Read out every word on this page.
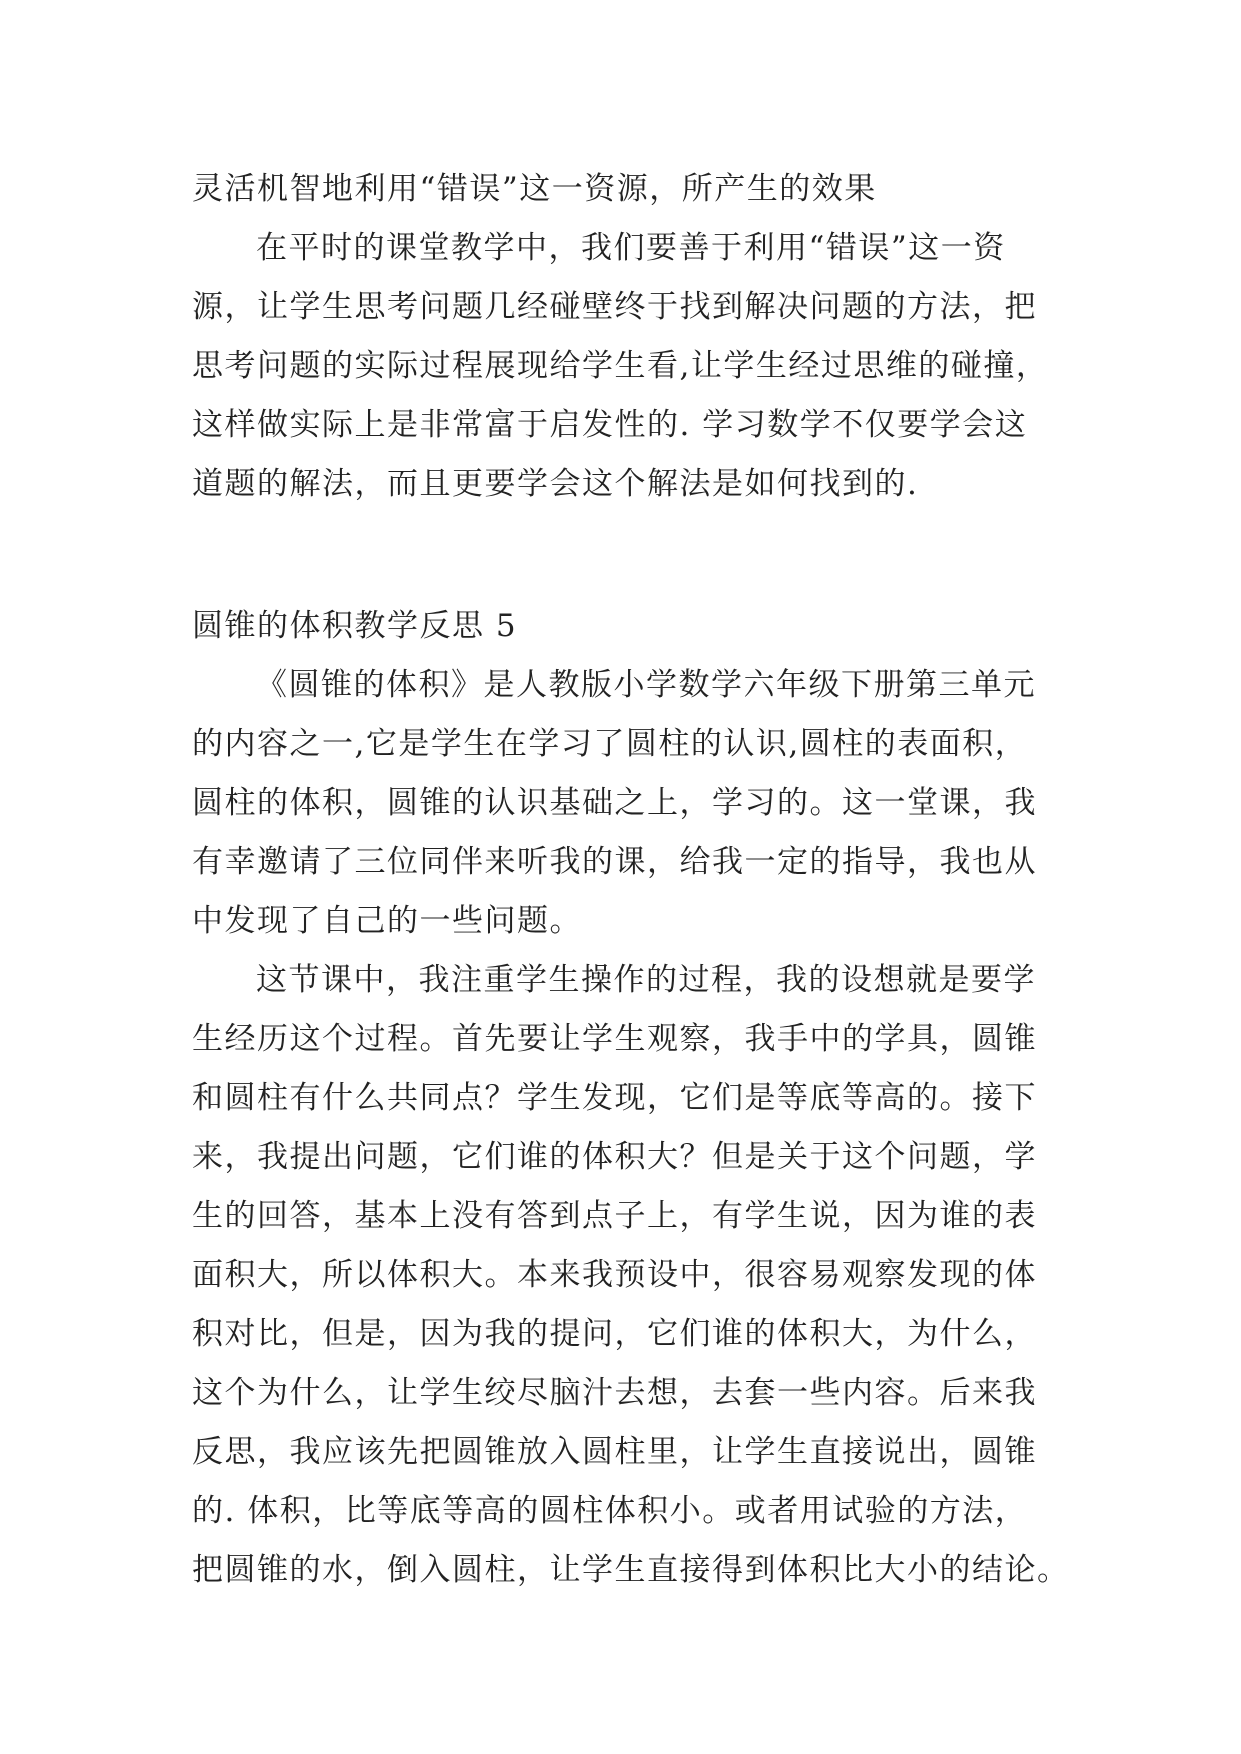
灵活机智地利用“错误”这一资源，所产生的效果
在平时的课堂教学中，我们要善于利用“错误”这一资
源，让学生思考问题几经碰壁终于找到解决问题的方法，把
思考问题的实际过程展现给学生看,让学生经过思维的碰撞，
这样做实际上是非常富于启发性的. 学习数学不仅要学会这
道题的解法，而且更要学会这个解法是如何找到的.
圆锥的体积教学反思 5
《圆锥的体积》是人教版小学数学六年级下册第三单元
的内容之一,它是学生在学习了圆柱的认识,圆柱的表面积，
圆柱的体积，圆锥的认识基础之上，学习的。这一堂课，我
有幸邀请了三位同伴来听我的课，给我一定的指导，我也从
中发现了自己的一些问题。
这节课中，我注重学生操作的过程，我的设想就是要学
生经历这个过程。首先要让学生观察，我手中的学具，圆锥
和圆柱有什么共同点？学生发现，它们是等底等高的。接下
来，我提出问题，它们谁的体积大？但是关于这个问题，学
生的回答，基本上没有答到点子上，有学生说，因为谁的表
面积大，所以体积大。本来我预设中，很容易观察发现的体
积对比，但是，因为我的提问，它们谁的体积大，为什么，
这个为什么，让学生绞尽脑汁去想，去套一些内容。后来我
反思，我应该先把圆锥放入圆柱里，让学生直接说出，圆锥
的. 体积，比等底等高的圆柱体积小。或者用试验的方法，
把圆锥的水，倒入圆柱，让学生直接得到体积比大小的结论。
